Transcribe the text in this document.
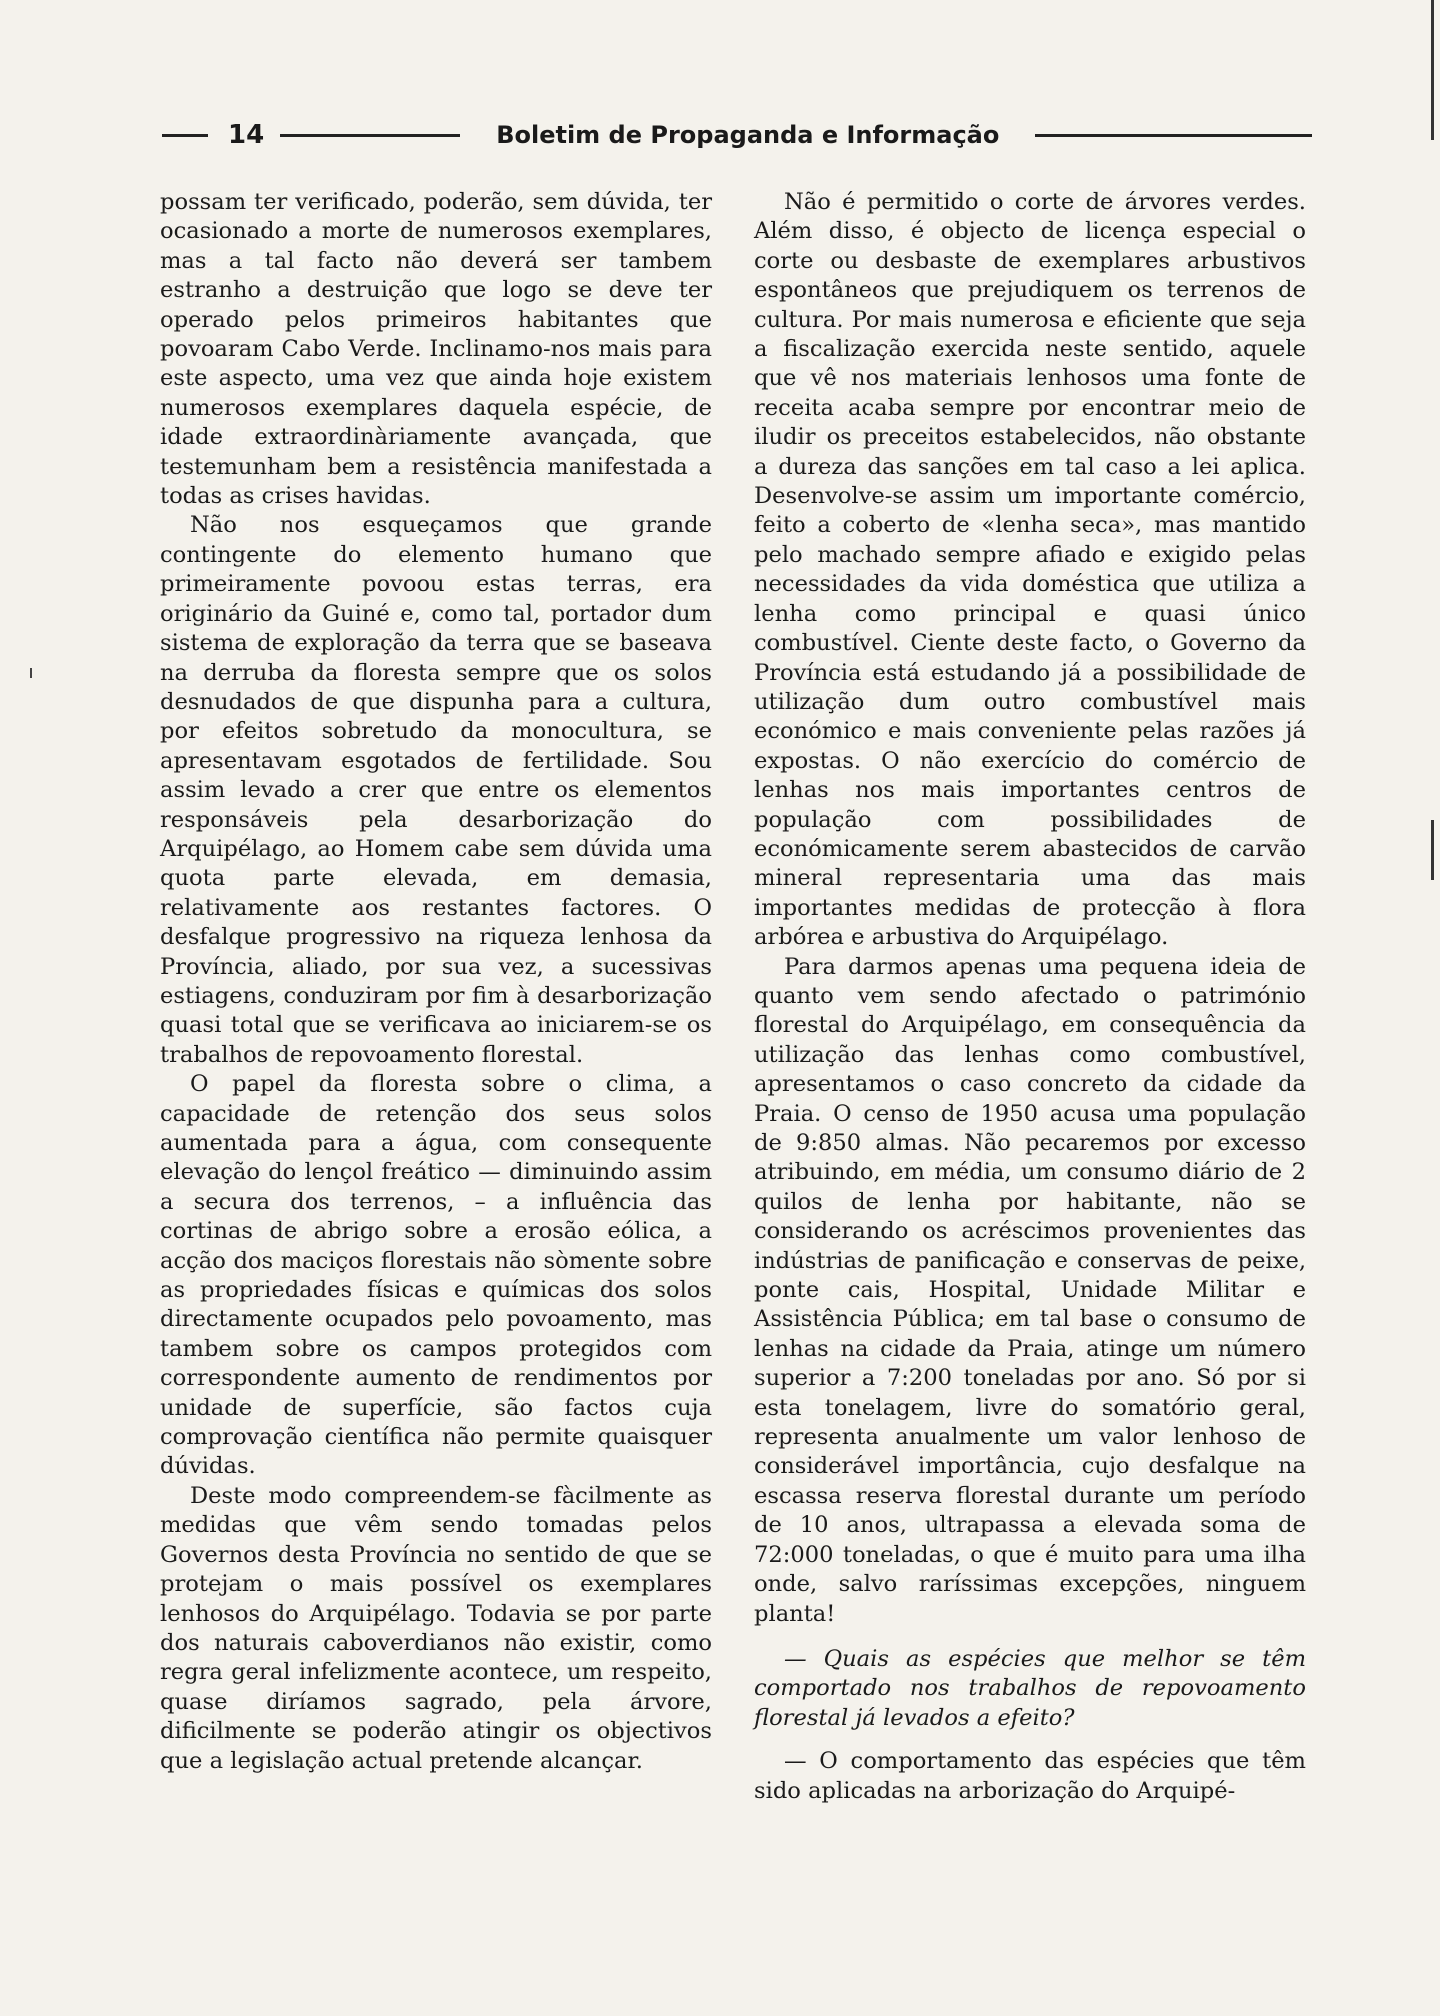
14	Boletim de Propaganda e Informação

possam ter verificado, poderão, sem dúvida, ter ocasionado a morte de numerosos exemplares, mas a tal facto não deverá ser tambem estranho a destruição que logo se deve ter operado pelos primeiros habitantes que povoaram Cabo Verde. Inclinamo-nos mais para este aspecto, uma vez que ainda hoje existem numerosos exemplares daquela espécie, de idade extraordinàriamente avançada, que testemunham bem a resistência manifestada a todas as crises havidas.

Não nos esqueçamos que grande contingente do elemento humano que primeiramente povoou estas terras, era originário da Guiné e, como tal, portador dum sistema de exploração da terra que se baseava na derruba da floresta sempre que os solos desnudados de que dispunha para a cultura, por efeitos sobretudo da monocultura, se apresentavam esgotados de fertilidade. Sou assim levado a crer que entre os elementos responsáveis pela desarborização do Arquipélago, ao Homem cabe sem dúvida uma quota parte elevada, em demasia, relativamente aos restantes factores. O desfalque progressivo na riqueza lenhosa da Província, aliado, por sua vez, a sucessivas estiagens, conduziram por fim à desarborização quasi total que se verificava ao iniciarem-se os trabalhos de repovoamento florestal.

O papel da floresta sobre o clima, a capacidade de retenção dos seus solos aumentada para a água, com consequente elevação do lençol freático — diminuindo assim a secura dos terrenos, – a influência das cortinas de abrigo sobre a erosão eólica, a acção dos maciços florestais não sòmente sobre as propriedades físicas e químicas dos solos directamente ocupados pelo povoamento, mas tambem sobre os campos protegidos com correspondente aumento de rendimentos por unidade de superfície, são factos cuja comprovação científica não permite quaisquer dúvidas.

Deste modo compreendem-se fàcilmente as medidas que vêm sendo tomadas pelos Governos desta Província no sentido de que se protejam o mais possível os exemplares lenhosos do Arquipélago. Todavia se por parte dos naturais caboverdianos não existir, como regra geral infelizmente acontece, um respeito, quase diríamos sagrado, pela árvore, dificilmente se poderão atingir os objectivos que a legislação actual pretende alcançar.

Não é permitido o corte de árvores verdes. Além disso, é objecto de licença especial o corte ou desbaste de exemplares arbustivos espontâneos que prejudiquem os terrenos de cultura. Por mais numerosa e eficiente que seja a fiscalização exercida neste sentido, aquele que vê nos materiais lenhosos uma fonte de receita acaba sempre por encontrar meio de iludir os preceitos estabelecidos, não obstante a dureza das sanções em tal caso a lei aplica. Desenvolve-se assim um importante comércio, feito a coberto de «lenha seca», mas mantido pelo machado sempre afiado e exigido pelas necessidades da vida doméstica que utiliza a lenha como principal e quasi único combustível. Ciente deste facto, o Governo da Província está estudando já a possibilidade de utilização dum outro combustível mais económico e mais conveniente pelas razões já expostas. O não exercício do comércio de lenhas nos mais importantes centros de população com possibilidades de económicamente serem abastecidos de carvão mineral representaria uma das mais importantes medidas de protecção à flora arbórea e arbustiva do Arquipélago.

Para darmos apenas uma pequena ideia de quanto vem sendo afectado o património florestal do Arquipélago, em consequência da utilização das lenhas como combustível, apresentamos o caso concreto da cidade da Praia. O censo de 1950 acusa uma população de 9:850 almas. Não pecaremos por excesso atribuindo, em média, um consumo diário de 2 quilos de lenha por habitante, não se considerando os acréscimos provenientes das indústrias de panificação e conservas de peixe, ponte cais, Hospital, Unidade Militar e Assistência Pública; em tal base o consumo de lenhas na cidade da Praia, atinge um número superior a 7:200 toneladas por ano. Só por si esta tonelagem, livre do somatório geral, representa anualmente um valor lenhoso de considerável importância, cujo desfalque na escassa reserva florestal durante um período de 10 anos, ultrapassa a elevada soma de 72:000 toneladas, o que é muito para uma ilha onde, salvo raríssimas excepções, ninguem planta!

— Quais as espécies que melhor se têm comportado nos trabalhos de repovoamento florestal já levados a efeito?

— O comportamento das espécies que têm sido aplicadas na arborização do Arquipé-
